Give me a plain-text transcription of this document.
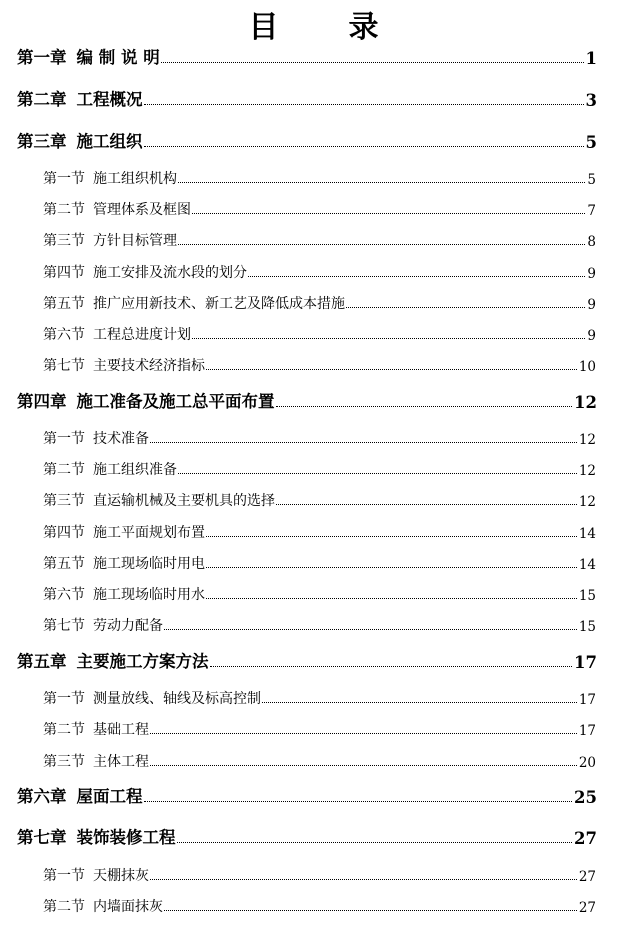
目 录
第一章 编 制 说 明	1
第二章 工程概况	3
第三章 施工组织	5
第一节 施工组织机构	5
第二节 管理体系及框图	7
第三节 方针目标管理	8
第四节 施工安排及流水段的划分	9
第五节 推广应用新技术、新工艺及降低成本措施	9
第六节 工程总进度计划	9
第七节 主要技术经济指标	10
第四章 施工准备及施工总平面布置	12
第一节 技术准备	12
第二节 施工组织准备	12
第三节 直运输机械及主要机具的选择	12
第四节 施工平面规划布置	14
第五节 施工现场临时用电	14
第六节 施工现场临时用水	15
第七节 劳动力配备	15
第五章 主要施工方案方法	17
第一节 测量放线、轴线及标高控制	17
第二节 基础工程	17
第三节 主体工程	20
第六章 屋面工程	25
第七章 装饰装修工程	27
第一节 天棚抹灰	27
第二节 内墙面抹灰	27
